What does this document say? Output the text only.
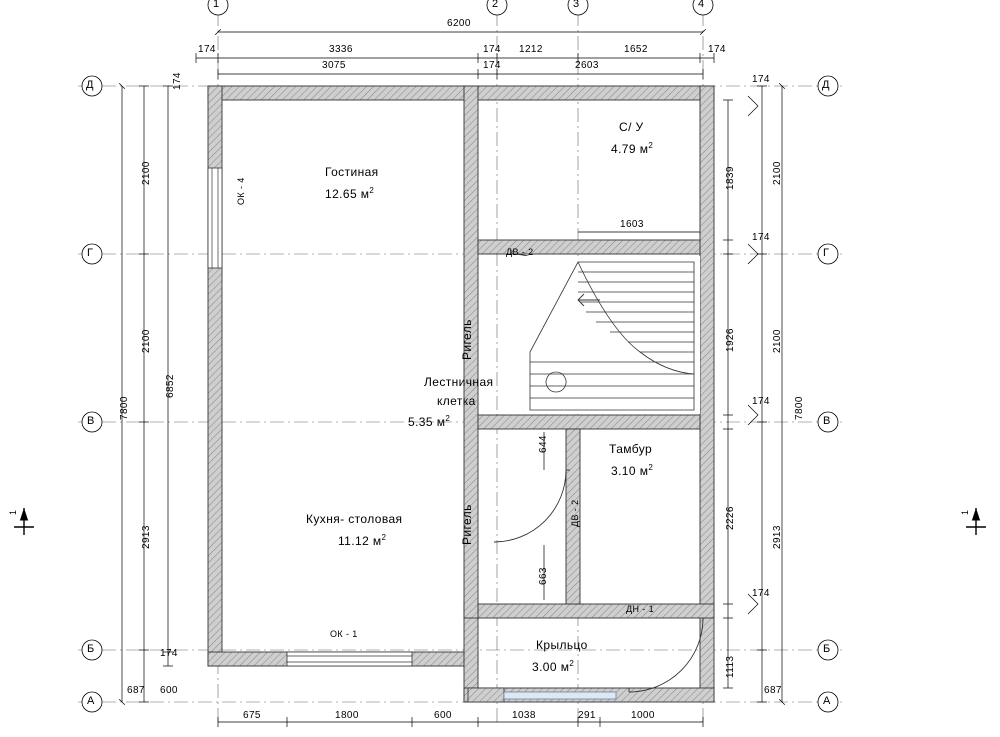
1	2	3	4
Д
Г
В
Б
А
Д
Г
В
Б
А
6200
174	3336	174 1212	1652	174
3075	174	2603
7800
2100
2100
2913
6852
174
174
687 600
7800
2100
2100
2913
1839
1926
2226
1113
174
174
174
174
687
675	1800	600	1038	291	1000
1603
644
663
Гостиная
12.65 $м^2$
С/ У
4.79 $м^2$
Лестничная
клетка
5.35 $м^2$
Тамбур
3.10 $м^2$
Кухня- столовая
11.12 $м^2$
Крыльцо
3.00 $м^2$
ОК - 4
ОК - 1
ДВ - 2
ДВ - 2
ДН - 1
Ригель
Ригель
1	1
